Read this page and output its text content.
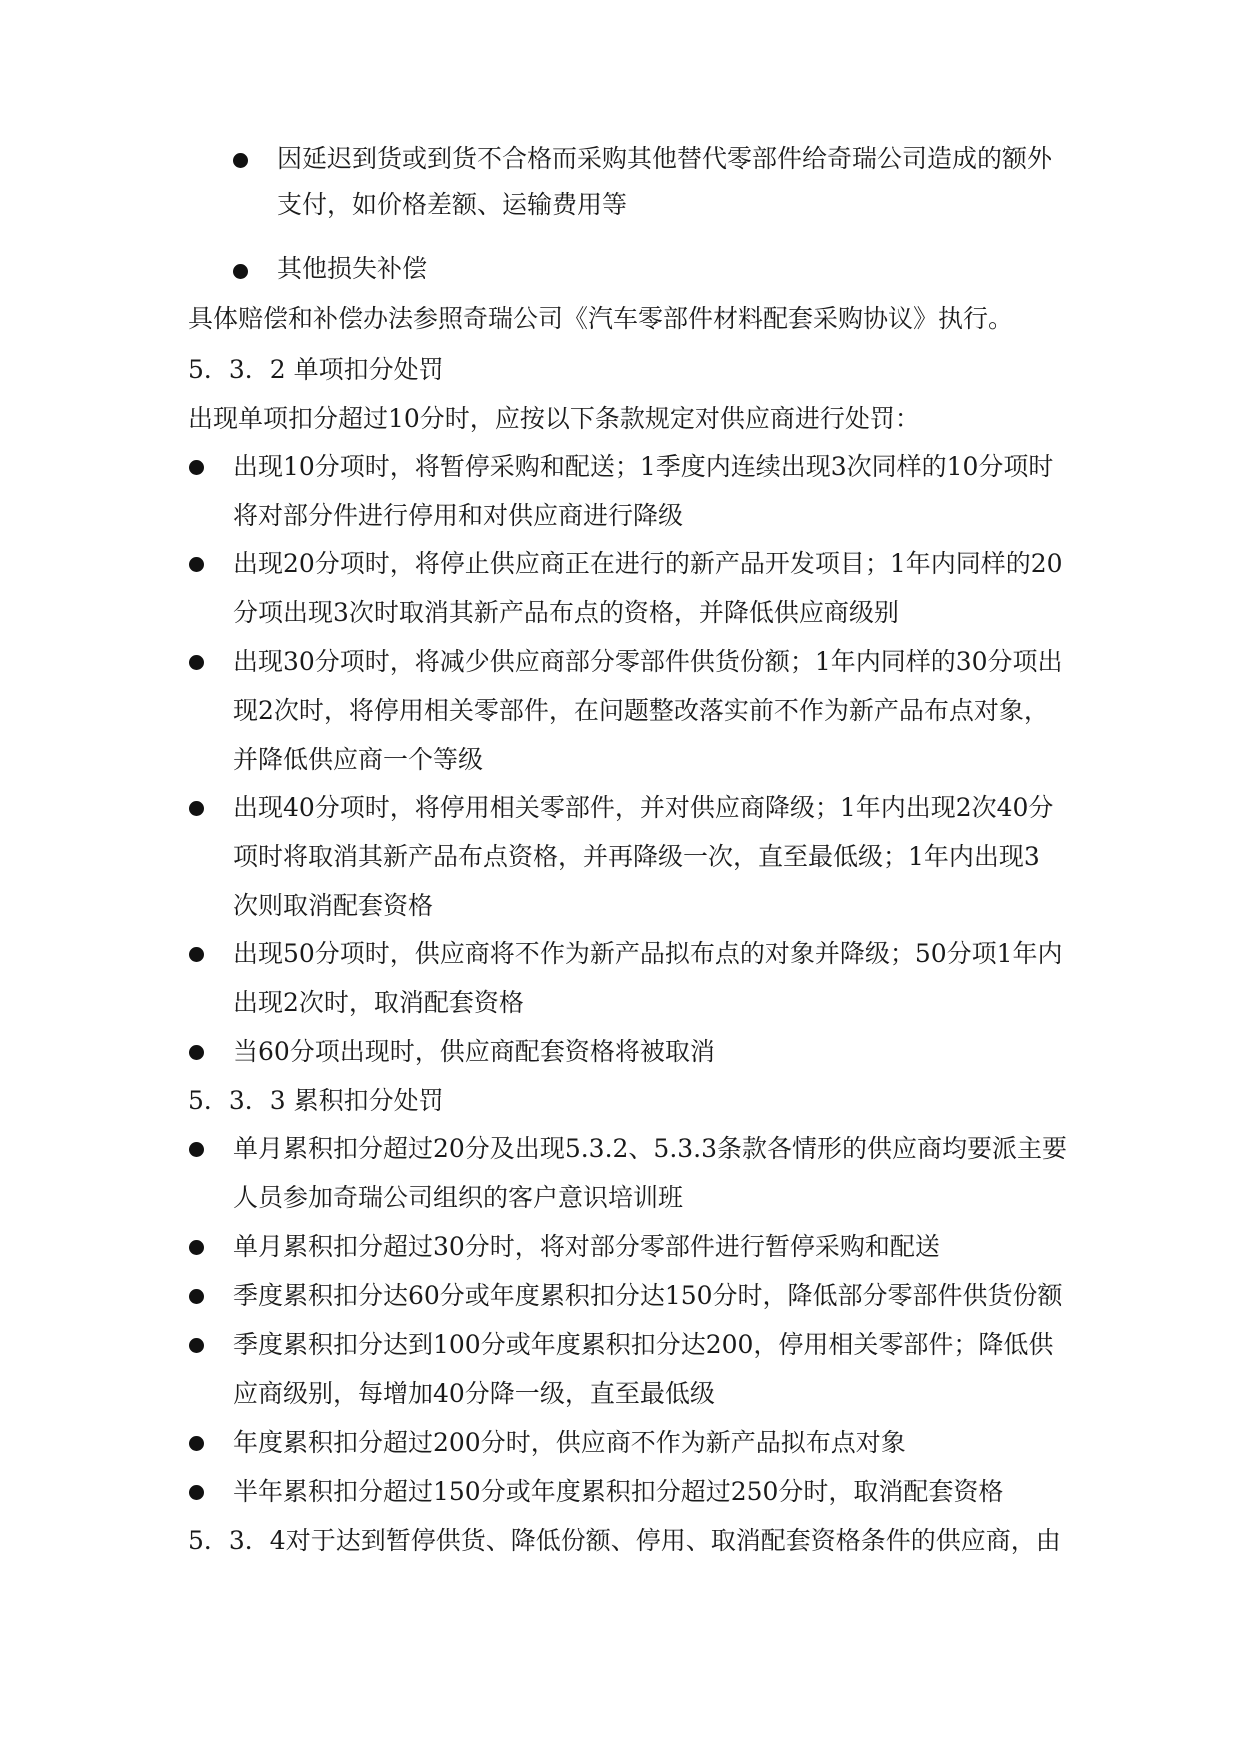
因延迟到货或到货不合格而采购其他替代零部件给奇瑞公司造成的额外
支付，如价格差额、运输费用等
其他损失补偿
具体赔偿和补偿办法参照奇瑞公司《汽车零部件材料配套采购协议》执行。
5．3．2 单项扣分处罚
出现单项扣分超过10分时，应按以下条款规定对供应商进行处罚：
出现10分项时，将暂停采购和配送；1季度内连续出现3次同样的10分项时
将对部分件进行停用和对供应商进行降级
出现20分项时，将停止供应商正在进行的新产品开发项目；1年内同样的20
分项出现3次时取消其新产品布点的资格，并降低供应商级别
出现30分项时，将减少供应商部分零部件供货份额；1年内同样的30分项出
现2次时，将停用相关零部件，在问题整改落实前不作为新产品布点对象，
并降低供应商一个等级
出现40分项时，将停用相关零部件，并对供应商降级；1年内出现2次40分
项时将取消其新产品布点资格，并再降级一次，直至最低级；1年内出现3
次则取消配套资格
出现50分项时，供应商将不作为新产品拟布点的对象并降级；50分项1年内
出现2次时，取消配套资格
当60分项出现时，供应商配套资格将被取消
5．3．3 累积扣分处罚
单月累积扣分超过20分及出现5.3.2、5.3.3条款各情形的供应商均要派主要
人员参加奇瑞公司组织的客户意识培训班
单月累积扣分超过30分时，将对部分零部件进行暂停采购和配送
季度累积扣分达60分或年度累积扣分达150分时，降低部分零部件供货份额
季度累积扣分达到100分或年度累积扣分达200，停用相关零部件；降低供
应商级别，每增加40分降一级，直至最低级
年度累积扣分超过200分时，供应商不作为新产品拟布点对象
半年累积扣分超过150分或年度累积扣分超过250分时，取消配套资格
5．3．4对于达到暂停供货、降低份额、停用、取消配套资格条件的供应商，由
